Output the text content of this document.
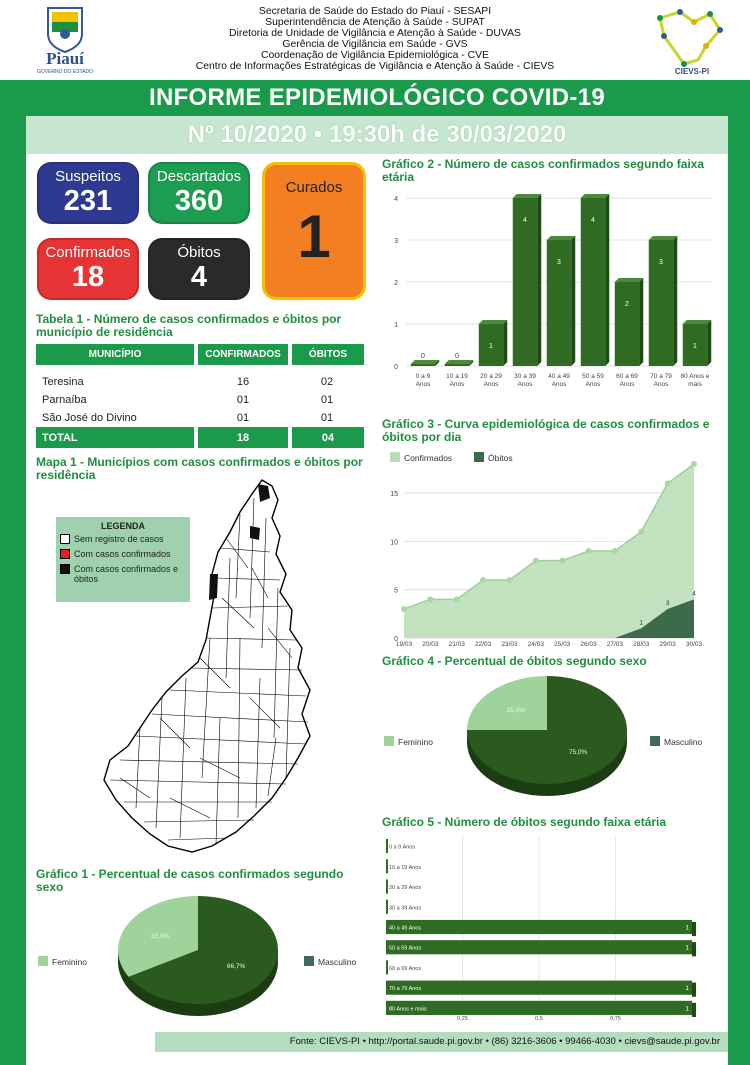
Piauí
GOVERNO DO ESTADO
Secretaria de Saúde do Estado do Piauí - SESAPI
Superintendência de Atenção à Saúde - SUPAT
Diretoria de Unidade de Vigilância e Atenção à Saúde - DUVAS
Gerência de Vigilância em Saúde - GVS
Coordenação de Vigilância Epidemiológica - CVE
Centro de Informações Estratégicas de Vigilância e Atenção à Saúde - CIEVS	CIEVS-PI
INFORME EPIDEMIOLÓGICO COVID-19
Nº 10/2020 • 19:30h de 30/03/2020
Suspeitos
231
Descartados
360
Confirmados
18
Óbitos
4
Curados
1
Tabela 1 - Número de casos confirmados e óbitos por município de residência
MUNICÍPIO	CONFIRMADOS	ÓBITOS
Teresina	16	02
Parnaíba	01	01
São José do Divino	01	01
TOTAL	18	04
Mapa 1 - Municípios com casos confirmados e óbitos por residência
LEGENDA
Sem registro de casos
Com casos confirmados
Com casos confirmados e óbitos
Gráfico 2 - Número de casos confirmados segundo faixa etária
Gráfico 3 - Curva epidemiológica de casos confirmados e óbitos por dia
Gráfico 4 - Percentual de óbitos segundo sexo
Gráfico 5 - Número de óbitos segundo faixa etária
Gráfico 1 - Percentual de casos confirmados segundo sexo
0
1
2
3
4
0
0 a 9
Anos
0
10 a 19
Anos
1
20 a 29
Anos
4
30 a 39
Anos
3
40 a 49
Anos
4
50 a 59
Anos
2
60 a 69
Anos
3
70 a 79
Anos
1
80 Anos e
mais
Confirmados	Óbitos
0
5
10
15
3
4	4
6	6
8	8
9	9
11
16
18
1
3
4
19/03 20/03 21/03 22/03 23/03 24/03 25/03 26/03 27/03 28/03 29/03 30/03
25,0%
75,0%
Feminino	Masculino
0 a 9 Anos
10 a 19 Anos
20 a 29 Anos
30 a 39 Anos
40 a 49 Anos	1
50 a 59 Anos	1
60 a 69 Anos
70 a 79 Anos	1
80 Anos e mais	1
0,25	0,5	0,75
33,3%
66,7%
Feminino	Masculino
Fonte: CIEVS-PI • http://portal.saude.pi.gov.br • (86) 3216-3606 • 99466-4030 • cievs@saude.pi.gov.br
